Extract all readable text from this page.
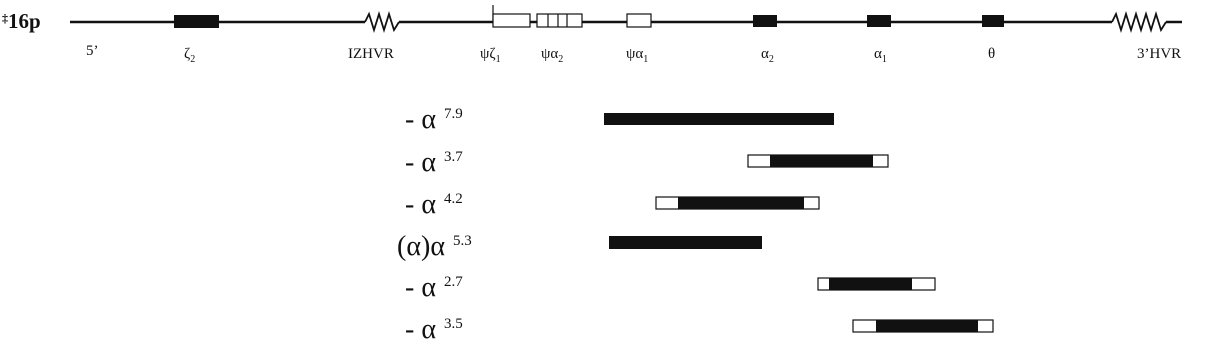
‡16p
5’	$\zeta_2$	IZHVR	$\psi\zeta_1$	$\psi\alpha_2$	$\psi\alpha_1$	$\alpha_2$	$\alpha_1$	θ	3’HVR
- α $^{7.9}$
- α $^{3.7}$
- α $^{4.2}$
(α)α $^{5.3}$
- α $^{2.7}$
- α $^{3.5}$
